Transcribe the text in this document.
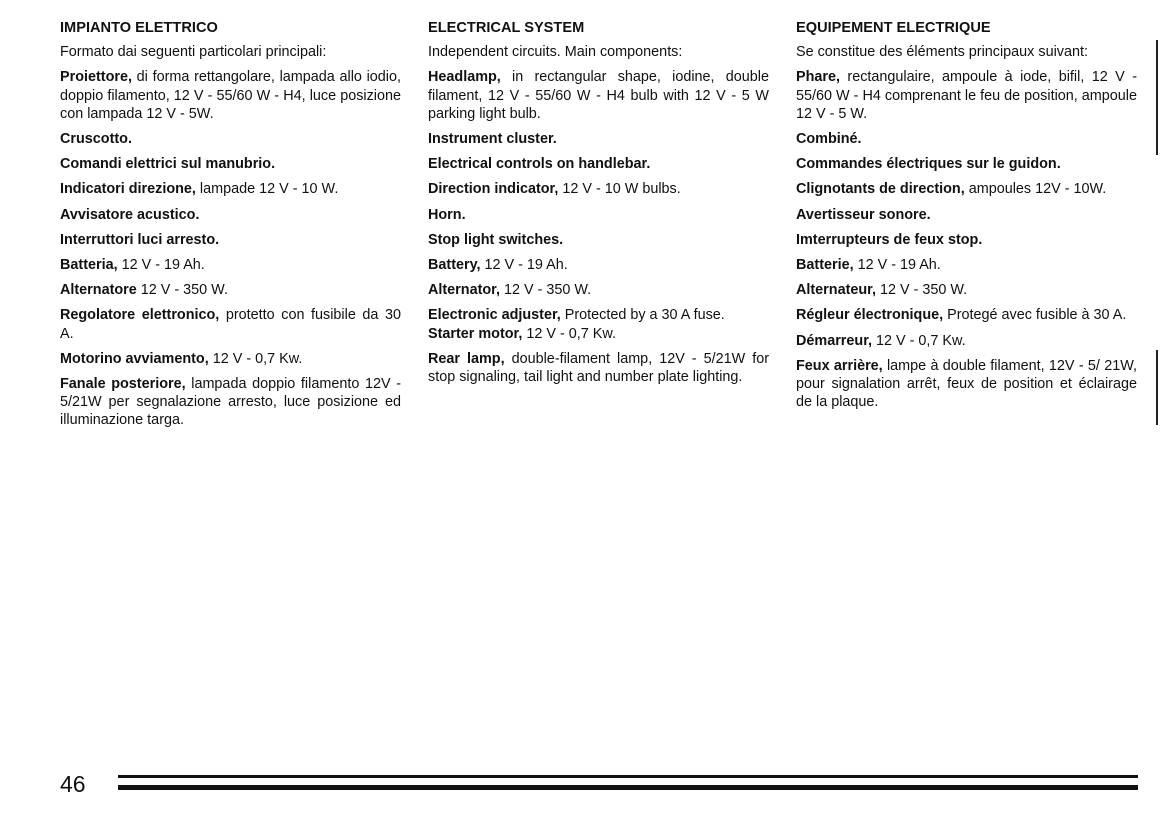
IMPIANTO ELETTRICO
Formato dai seguenti particolari principali:
Proiettore, di forma rettangolare, lampada allo iodio, doppio filamento, 12 V - 55/60 W - H4, luce posizione con lampada 12 V - 5W.
Cruscotto.
Comandi elettrici sul manubrio.
Indicatori direzione, lampade 12 V - 10 W.
Avvisatore acustico.
Interruttori luci arresto.
Batteria, 12 V - 19 Ah.
Alternatore 12 V - 350 W.
Regolatore elettronico, protetto con fusibile da 30 A.
Motorino avviamento, 12 V - 0,7 Kw.
Fanale posteriore, lampada doppio filamento 12V - 5/21W per segnalazione arresto, luce posizione ed illuminazione targa.
ELECTRICAL SYSTEM
Independent circuits. Main components:
Headlamp, in rectangular shape, iodine, double filament, 12 V - 55/60 W - H4 bulb with 12 V - 5 W parking light bulb.
Instrument cluster.
Electrical controls on handlebar.
Direction indicator, 12 V - 10 W bulbs.
Horn.
Stop light switches.
Battery, 12 V - 19 Ah.
Alternator, 12 V - 350 W.
Electronic adjuster, Protected by a 30 A fuse.
Starter motor, 12 V - 0,7 Kw.
Rear lamp, double-filament lamp, 12V - 5/21W for stop signaling, tail light and number plate lighting.
EQUIPEMENT ELECTRIQUE
Se constitue des éléments principaux suivant:
Phare, rectangulaire, ampoule à iode, bifil, 12 V - 55/60 W - H4 comprenant le feu de position, ampoule 12 V - 5 W.
Combiné.
Commandes électriques sur le guidon.
Clignotants de direction, ampoules 12V - 10W.
Avertisseur sonore.
Imterrupteurs de feux stop.
Batterie, 12 V - 19 Ah.
Alternateur, 12 V - 350 W.
Régleur électronique, Protegé avec fusible à 30 A.
Démarreur, 12 V - 0,7 Kw.
Feux arrière, lampe à double filament, 12V - 5/ 21W, pour signalation arrêt, feux de position et éclairage de la plaque.
46
